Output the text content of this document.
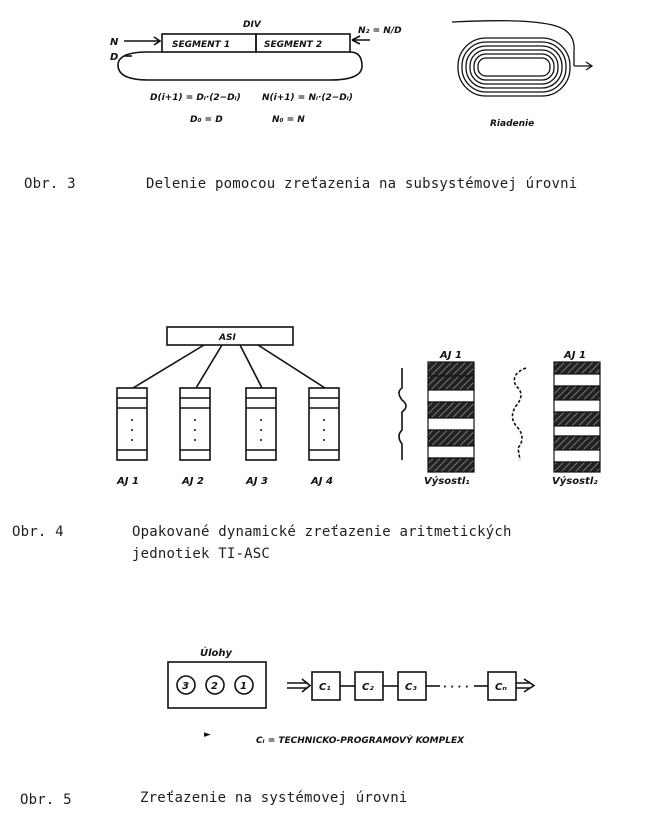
DIV
N
D
SEGMENT 1	SEGMENT 2
N₂ = N/D
D(i+1) = Dᵢ·(2−Dᵢ) N(i+1) = Nᵢ·(2−Dᵢ)
D₀ = D	N₀ = N	Riadenie
ASI
AJ 1	AJ 2	AJ 3	AJ 4
AJ 1	AJ 1
Výsostl₁	Výsostl₂
Úlohy
3 2 1	C₁	C₂	C₃	· · · ·	Cₙ
►
Cᵢ = TECHNICKO-PROGRAMOVÝ KOMPLEX
Obr. 3	Delenie pomocou zreťazenia na subsystémovej úrovni
Obr. 4	Opakované dynamické zreťazenie aritmetických
jednotiek TI-ASC
Obr. 5	Zreťazenie na systémovej úrovni
